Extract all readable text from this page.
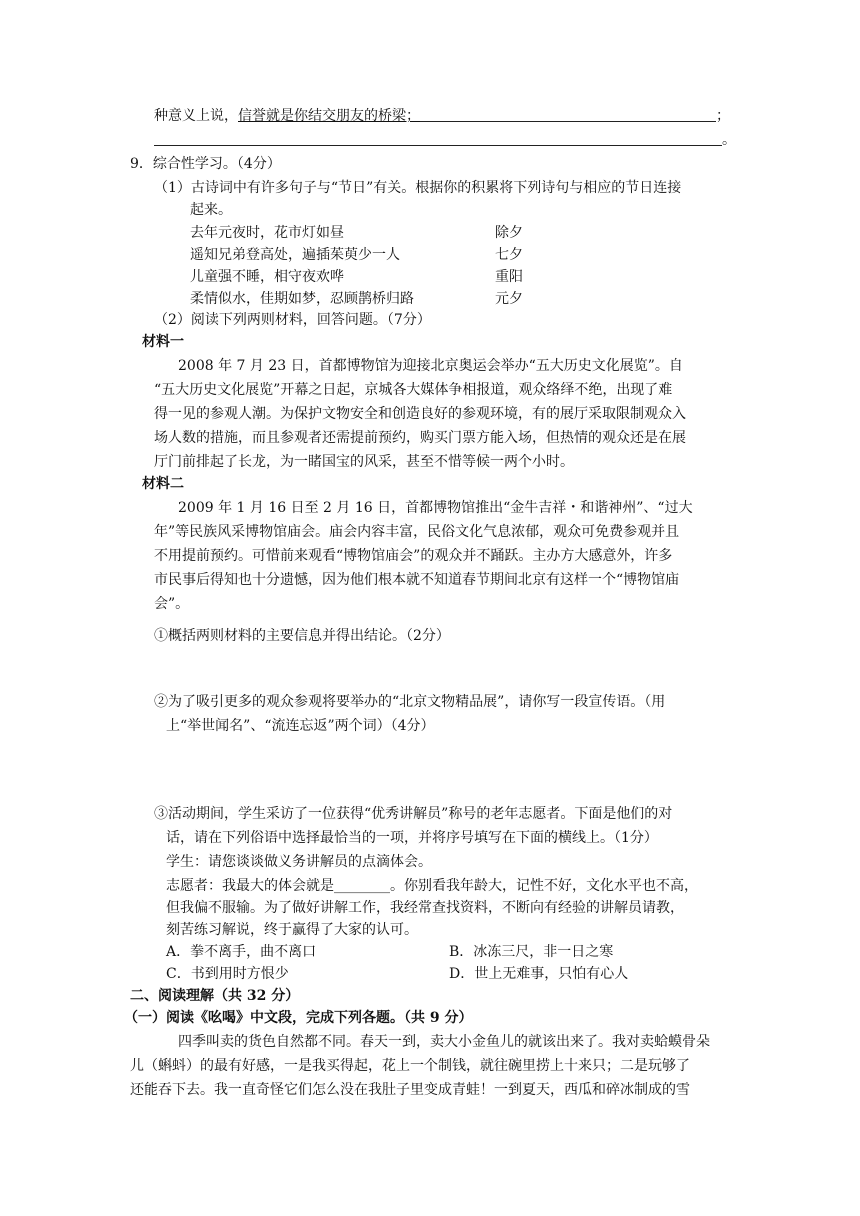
种意义上说，信誉就是你结交朋友的桥梁；	；
。
9．综合性学习。（4分）
（1）古诗词中有许多句子与“节日”有关。根据你的积累将下列诗句与相应的节日连接
起来。
去年元夜时，花市灯如昼	除夕
遥知兄弟登高处，遍插茱萸少一人	七夕
儿童强不睡，相守夜欢哗	重阳
柔情似水，佳期如梦，忍顾鹊桥归路	元夕
（2）阅读下列两则材料，回答问题。（7分）
材料一
2008 年 7 月 23 日，首都博物馆为迎接北京奥运会举办“五大历史文化展览”。自
“五大历史文化展览”开幕之日起，京城各大媒体争相报道，观众络绎不绝，出现了难
得一见的参观人潮。为保护文物安全和创造良好的参观环境，有的展厅采取限制观众入
场人数的措施，而且参观者还需提前预约，购买门票方能入场，但热情的观众还是在展
厅门前排起了长龙，为一睹国宝的风采，甚至不惜等候一两个小时。
材料二
2009 年 1 月 16 日至 2 月 16 日，首都博物馆推出“金牛吉祥・和谐神州”、“过大
年”等民族风采博物馆庙会。庙会内容丰富，民俗文化气息浓郁，观众可免费参观并且
不用提前预约。可惜前来观看“博物馆庙会”的观众并不踊跃。主办方大感意外，许多
市民事后得知也十分遗憾，因为他们根本就不知道春节期间北京有这样一个“博物馆庙
会”。
①概括两则材料的主要信息并得出结论。（2分）
②为了吸引更多的观众参观将要举办的“北京文物精品展”，请你写一段宣传语。（用
上“举世闻名”、“流连忘返”两个词）（4分）
③活动期间，学生采访了一位获得“优秀讲解员”称号的老年志愿者。下面是他们的对
话，请在下列俗语中选择最恰当的一项，并将序号填写在下面的横线上。（1分）
学生：请您谈谈做义务讲解员的点滴体会。
志愿者：我最大的体会就是________。你别看我年龄大，记性不好，文化水平也不高，
但我偏不服输。为了做好讲解工作，我经常查找资料，不断向有经验的讲解员请教，
刻苦练习解说，终于赢得了大家的认可。
A．拳不离手，曲不离口	B．冰冻三尺，非一日之寒
C．书到用时方恨少	D．世上无难事，只怕有心人
二、阅读理解（共 32 分）
（一）阅读《吆喝》中文段，完成下列各题。（共 9 分）
四季叫卖的货色自然都不同。春天一到，卖大小金鱼儿的就该出来了。我对卖蛤蟆骨朵
儿（蝌蚪）的最有好感，一是我买得起，花上一个制钱，就往碗里捞上十来只；二是玩够了
还能吞下去。我一直奇怪它们怎么没在我肚子里变成青蛙！一到夏天，西瓜和碎冰制成的雪
